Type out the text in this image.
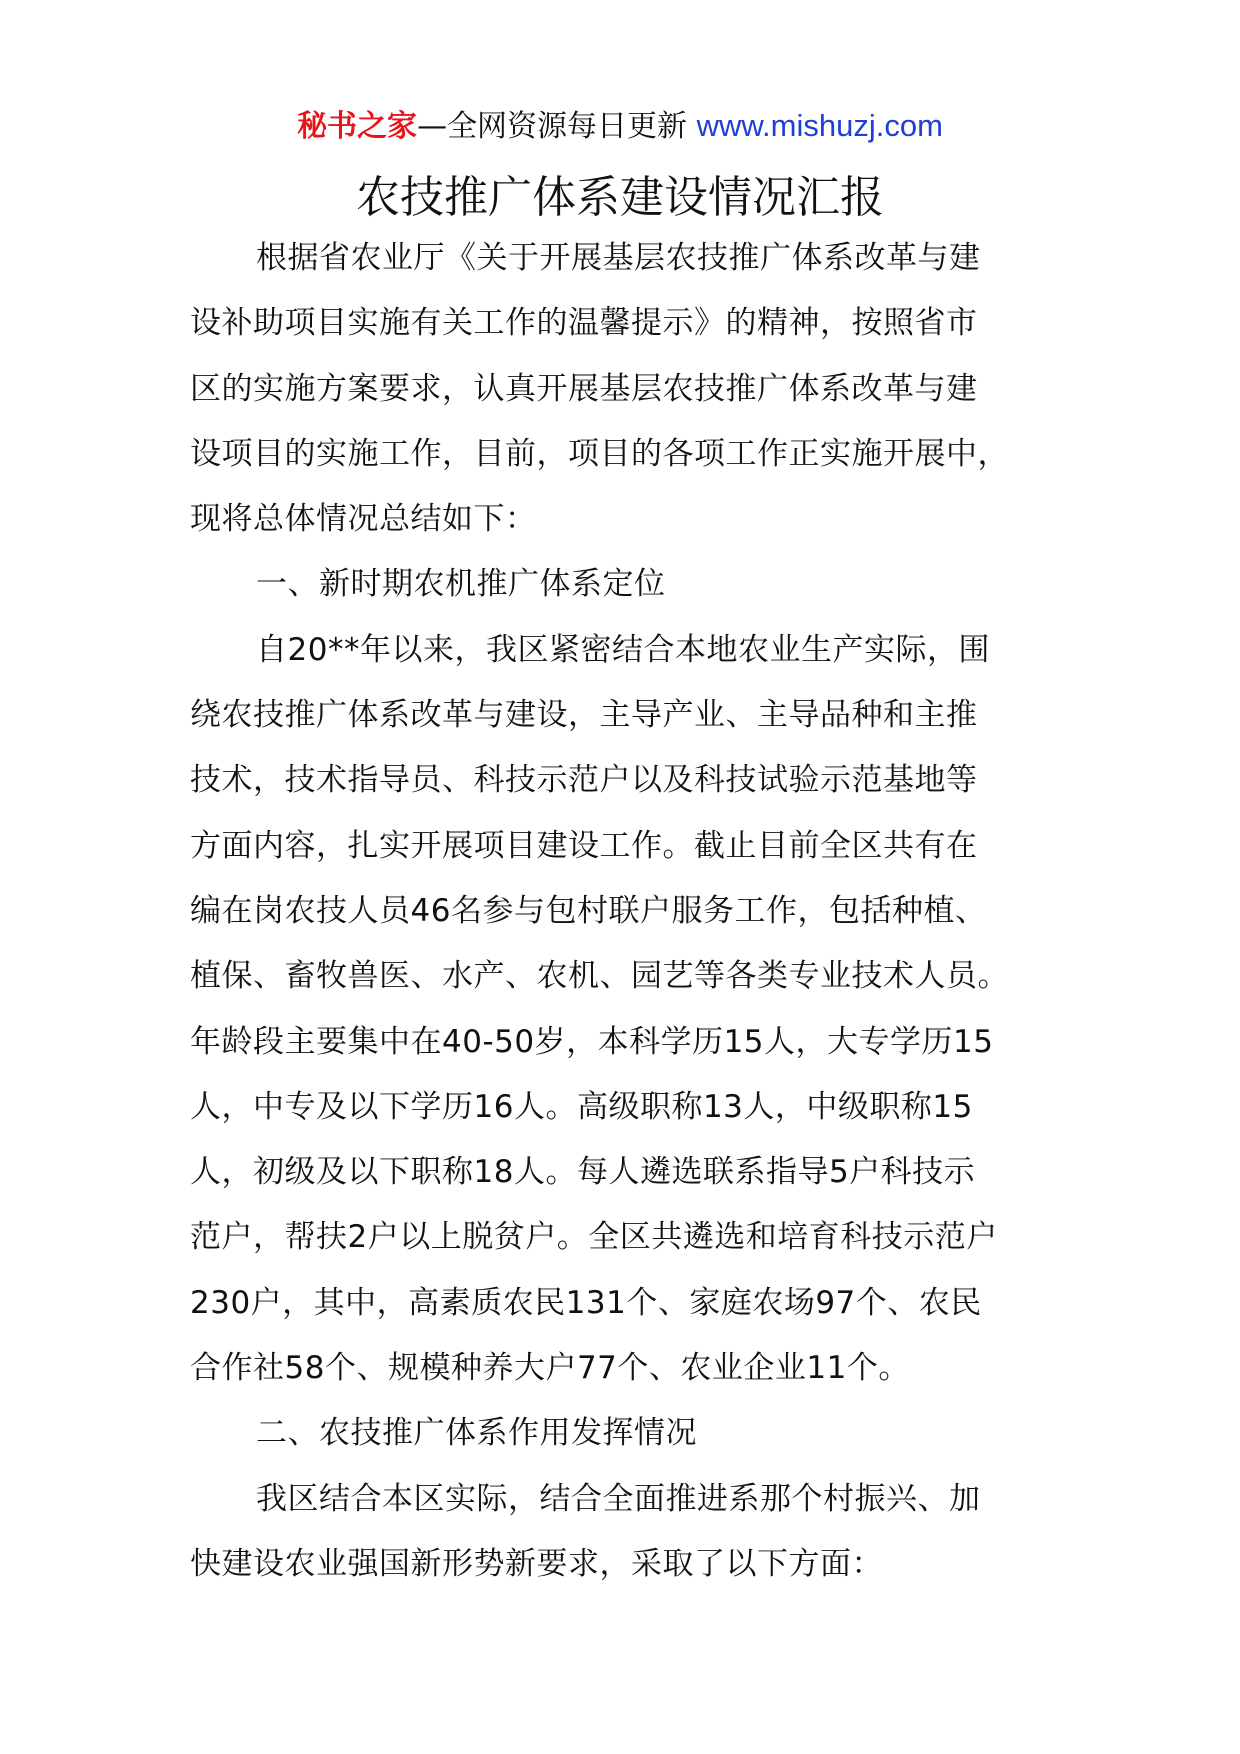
秘书之家—全网资源每日更新 www.mishuzj.com
农技推广体系建设情况汇报
根据省农业厅《关于开展基层农技推广体系改革与建
设补助项目实施有关工作的温馨提示》的精神，按照省市
区的实施方案要求，认真开展基层农技推广体系改革与建
设项目的实施工作，目前，项目的各项工作正实施开展中，
现将总体情况总结如下：
一、新时期农机推广体系定位
自20**年以来，我区紧密结合本地农业生产实际，围
绕农技推广体系改革与建设，主导产业、主导品种和主推
技术，技术指导员、科技示范户以及科技试验示范基地等
方面内容，扎实开展项目建设工作。截止目前全区共有在
编在岗农技人员46名参与包村联户服务工作，包括种植、
植保、畜牧兽医、水产、农机、园艺等各类专业技术人员。
年龄段主要集中在40-50岁，本科学历15人，大专学历15
人，中专及以下学历16人。高级职称13人，中级职称15
人，初级及以下职称18人。每人遴选联系指导5户科技示
范户，帮扶2户以上脱贫户。全区共遴选和培育科技示范户
230户，其中，高素质农民131个、家庭农场97个、农民
合作社58个、规模种养大户77个、农业企业11个。
二、农技推广体系作用发挥情况
我区结合本区实际，结合全面推进系那个村振兴、加
快建设农业强国新形势新要求，采取了以下方面：
